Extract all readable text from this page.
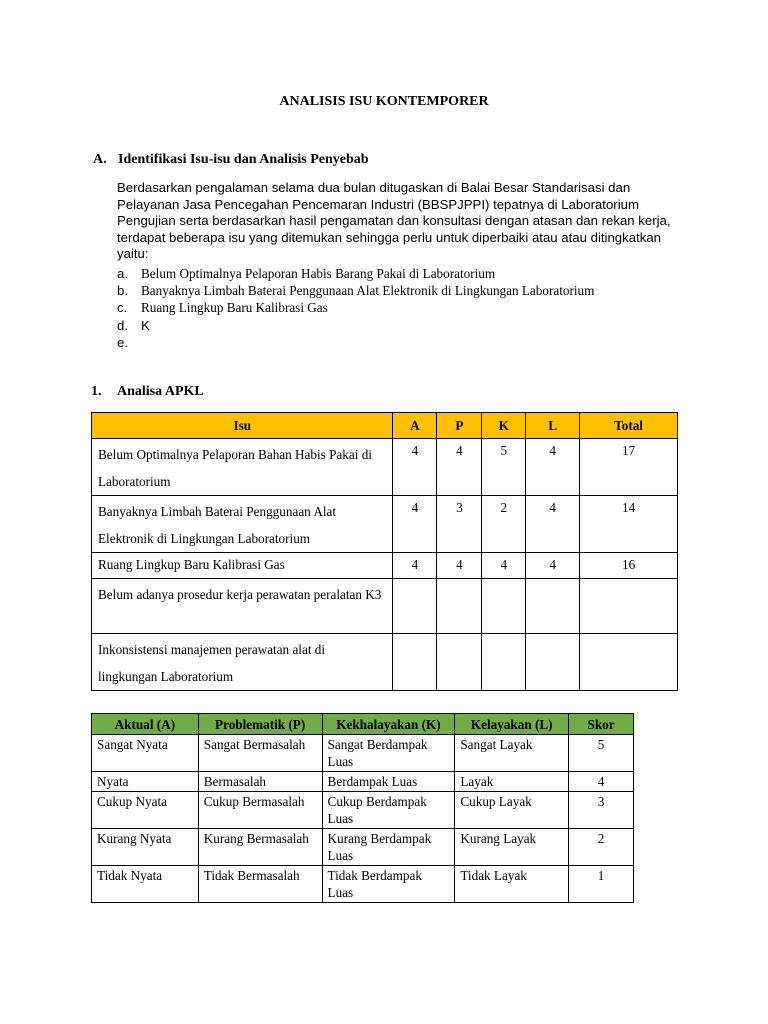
ANALISIS ISU KONTEMPORER
A. Identifikasi Isu-isu dan Analisis Penyebab
Berdasarkan pengalaman selama dua bulan ditugaskan di Balai Besar Standarisasi dan Pelayanan Jasa Pencegahan Pencemaran Industri (BBSPJPPI) tepatnya di Laboratorium Pengujian serta berdasarkan hasil pengamatan dan konsultasi dengan atasan dan rekan kerja, terdapat beberapa isu yang ditemukan sehingga perlu untuk diperbaiki atau atau ditingkatkan yaitu:
a. Belum Optimalnya Pelaporan Habis Barang Pakai di Laboratorium
b. Banyaknya Limbah Baterai Penggunaan Alat Elektronik di Lingkungan Laboratorium
c.	Ruang Lingkup Baru Kalibrasi Gas
d. K
e.
1. Analisa APKL
Isu	A	P	K	L	Total
Belum Optimalnya Pelaporan Bahan Habis Pakai di Laboratorium	4	4	5	4	17
Banyaknya Limbah Baterai Penggunaan Alat Elektronik di Lingkungan Laboratorium	4	3	2	4	14
Ruang Lingkup Baru Kalibrasi Gas	4	4	4	4	16
Belum adanya prosedur kerja perawatan peralatan K3					
Inkonsistensi manajemen perawatan alat di lingkungan Laboratorium					
Aktual (A)	Problematik (P)	Kekhalayakan (K)	Kelayakan (L)	Skor
Sangat Nyata	Sangat Bermasalah	Sangat Berdampak Luas	Sangat Layak	5
Nyata	Bermasalah	Berdampak Luas	Layak	4
Cukup Nyata	Cukup Bermasalah	Cukup Berdampak Luas	Cukup Layak	3
Kurang Nyata	Kurang Bermasalah	Kurang Berdampak Luas	Kurang Layak	2
Tidak Nyata	Tidak Bermasalah	Tidak Berdampak Luas	Tidak Layak	1
